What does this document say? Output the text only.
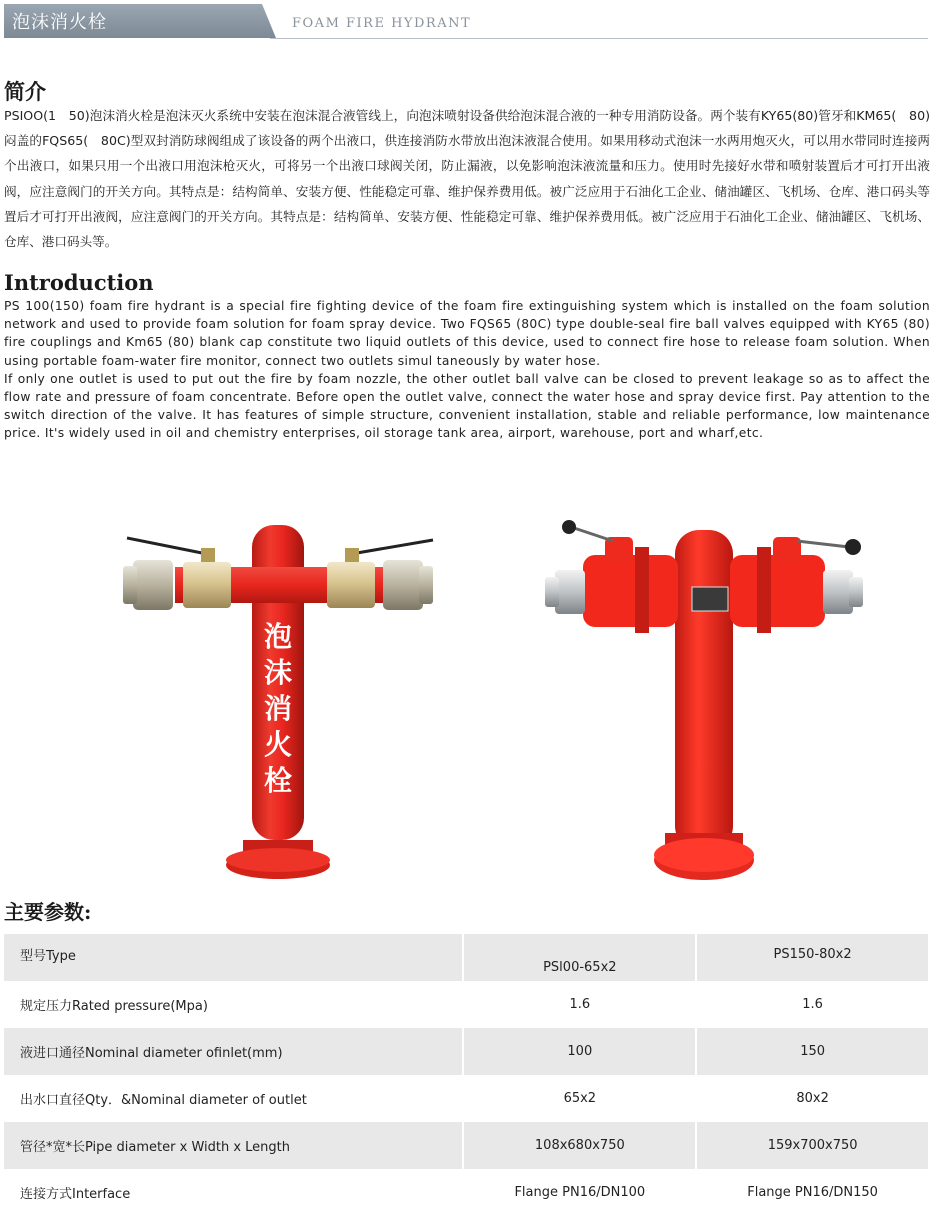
泡沫消火栓	FOAM FIRE HYDRANT
简介
PSIOO(1　50)泡沫消火栓是泡沫灭火系统中安装在泡沫混合液管线上，向泡沫喷射设备供给泡沫混合液的一种专用消防设备。两个装有KY65(80)管牙和KM65(　80)闷盖的FQS65(　80C)型双封消防球阀组成了该设备的两个出液口，供连接消防水带放出泡沫液混合使用。如果用移动式泡沫一水两用炮灭火，可以用水带同时连接两个出液口，如果只用一个出液口用泡沫枪灭火，可将另一个出液口球阀关闭，防止漏液，以免影响泡沫液流量和压力。使用时先接好水带和喷射装置后才可打开出液阀，应注意阀门的开关方向。其特点是：结构简单、安装方便、性能稳定可靠、维护保养费用低。被广泛应用于石油化工企业、储油罐区、飞机场、仓库、港口码头等置后才可打开出液阀，应注意阀门的开关方向。其特点是：结构简单、安装方便、性能稳定可靠、维护保养费用低。被广泛应用于石油化工企业、储油罐区、飞机场、仓库、港口码头等。
Introduction

PS 100(150) foam fire hydrant is a special fire fighting device of the foam fire extinguishing system which is installed on the foam solution network and used to provide foam solution for foam spray device. Two FQS65 (80C) type double-seal fire ball valves equipped with KY65 (80) fire couplings and Km65 (80) blank cap constitute two liquid outlets of this device, used to connect fire hose to release foam solution. When using portable foam-water fire monitor, connect two outlets simul taneously by water hose.

If only one outlet is used to put out the fire by foam nozzle, the other outlet ball valve can be closed to prevent leakage so as to affect the flow rate and pressure of foam concentrate. Before open the outlet valve, connect the water hose and spray device first. Pay attention to the switch direction of the valve. It has features of simple structure, convenient installation, stable and reliable performance, low maintenance price. It's widely used in oil and chemistry enterprises, oil storage tank area, airport, warehouse, port and wharf,etc.

泡
沫
消
火
栓
主要参数:
型号Type	PSl00-65x2	PS150-80x2
规定压力Rated pressure(Mpa)	1.6	1.6
液进口通径Nominal diameter ofinlet(mm)	100	150
出水口直径Qty．&Nominal diameter of outlet	65x2	80x2
管径*宽*长Pipe diameter x Width x Length	108x680x750	159x700x750
连接方式Interface	Flange PN16/DN100	Flange PN16/DN150
